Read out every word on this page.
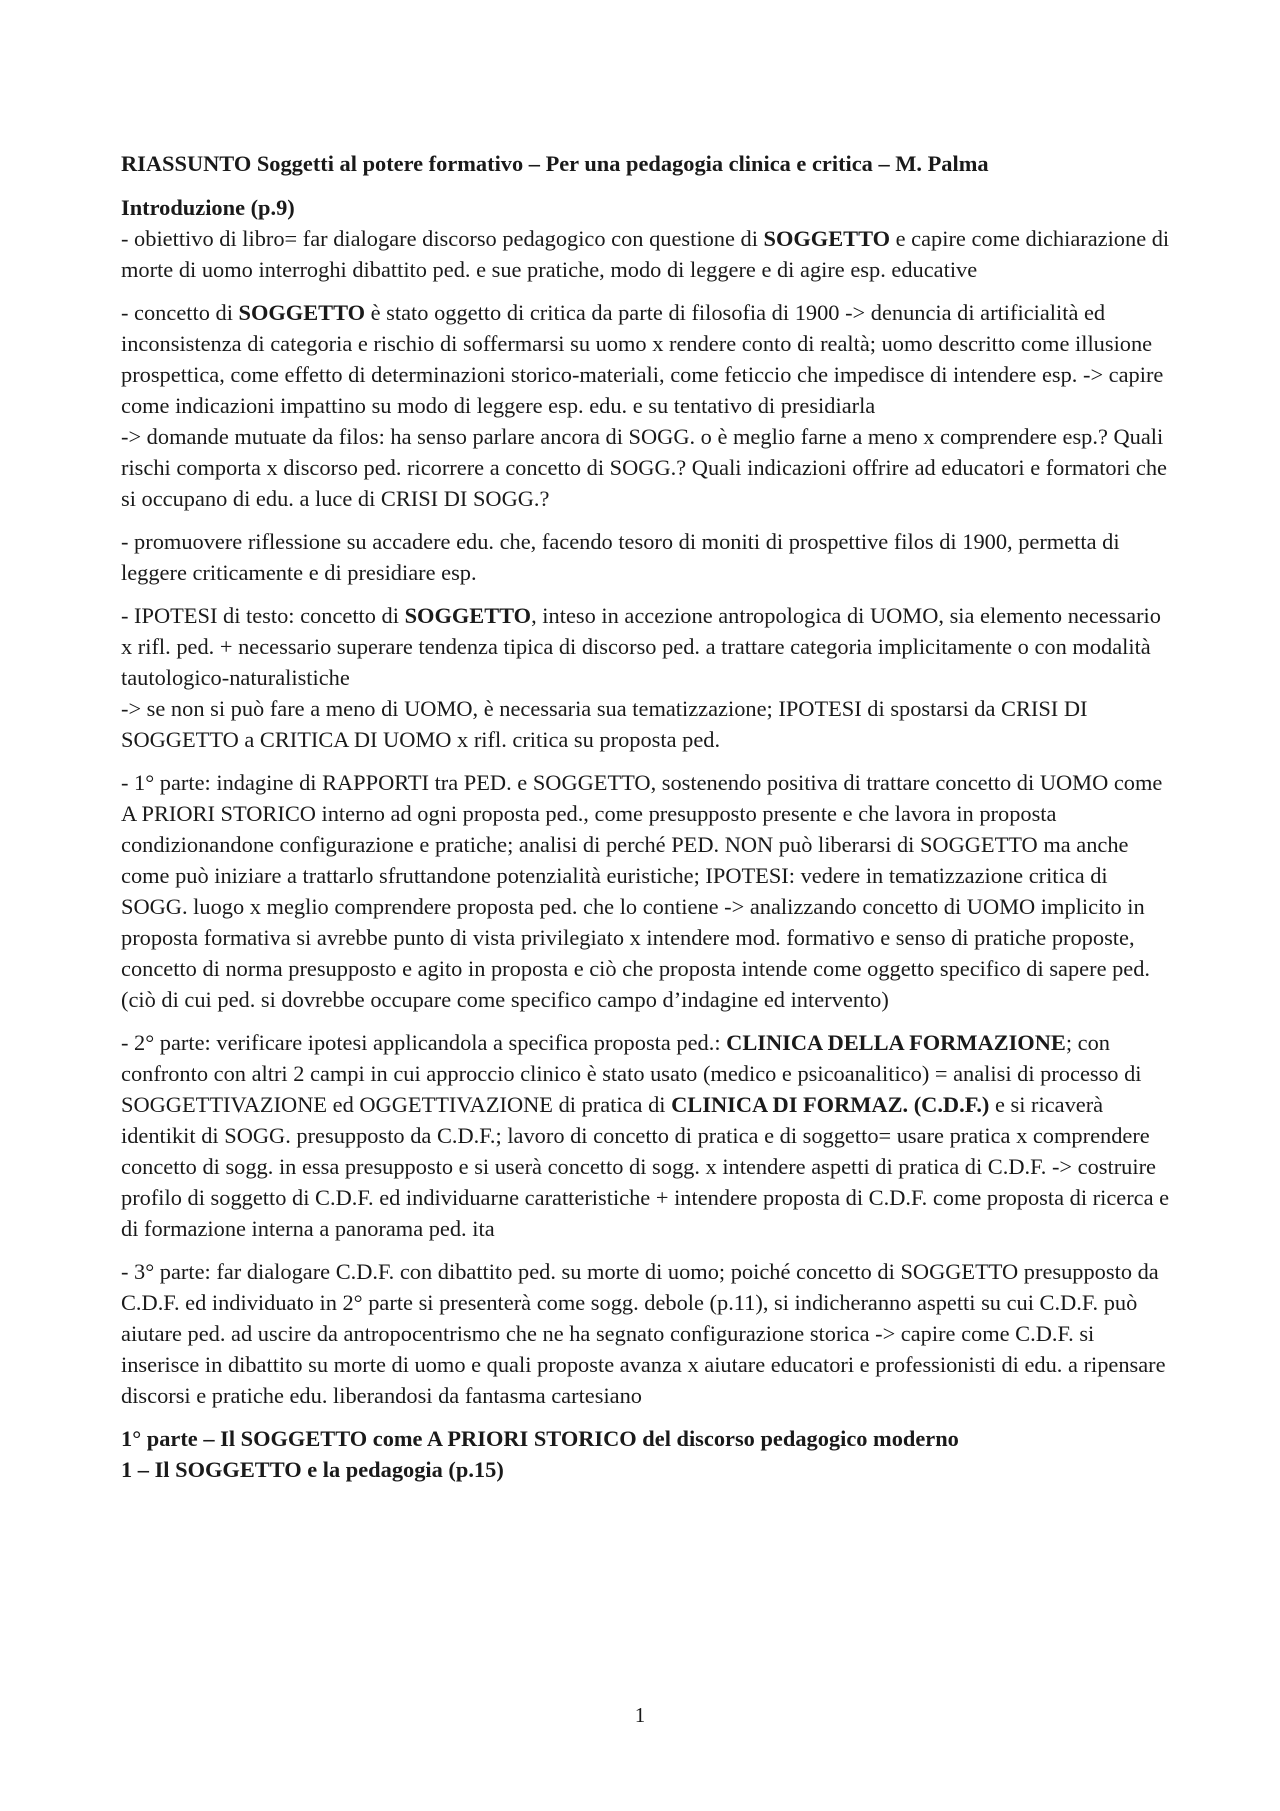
RIASSUNTO Soggetti al potere formativo – Per una pedagogia clinica e critica – M. Palma
Introduzione (p.9)

- obiettivo di libro= far dialogare discorso pedagogico con questione di SOGGETTO e capire come dichiarazione di morte di uomo interroghi dibattito ped. e sue pratiche, modo di leggere e di agire esp. educative

- concetto di SOGGETTO è stato oggetto di critica da parte di filosofia di 1900 -> denuncia di artificialità ed inconsistenza di categoria e rischio di soffermarsi su uomo x rendere conto di realtà; uomo descritto come illusione prospettica, come effetto di determinazioni storico-materiali, come feticcio che impedisce di intendere esp. -> capire come indicazioni impattino su modo di leggere esp. edu. e su tentativo di presidiarla

-> domande mutuate da filos: ha senso parlare ancora di SOGG. o è meglio farne a meno x comprendere esp.? Quali rischi comporta x discorso ped. ricorrere a concetto di SOGG.? Quali indicazioni offrire ad educatori e formatori che si occupano di edu. a luce di CRISI DI SOGG.?

- promuovere riflessione su accadere edu. che, facendo tesoro di moniti di prospettive filos di 1900, permetta di leggere criticamente e di presidiare esp.

- IPOTESI di testo: concetto di SOGGETTO, inteso in accezione antropologica di UOMO, sia elemento necessario x rifl. ped. + necessario superare tendenza tipica di discorso ped. a trattare categoria implicitamente o con modalità tautologico-naturalistiche

-> se non si può fare a meno di UOMO, è necessaria sua tematizzazione; IPOTESI di spostarsi da CRISI DI SOGGETTO a CRITICA DI UOMO x rifl. critica su proposta ped.

- 1° parte: indagine di RAPPORTI tra PED. e SOGGETTO, sostenendo positiva di trattare concetto di UOMO come A PRIORI STORICO interno ad ogni proposta ped., come presupposto presente e che lavora in proposta condizionandone configurazione e pratiche; analisi di perché PED. NON può liberarsi di SOGGETTO ma anche come può iniziare a trattarlo sfruttandone potenzialità euristiche; IPOTESI: vedere in tematizzazione critica di SOGG. luogo x meglio comprendere proposta ped. che lo contiene -> analizzando concetto di UOMO implicito in proposta formativa si avrebbe punto di vista privilegiato x intendere mod. formativo e senso di pratiche proposte, concetto di norma presupposto e agito in proposta e ciò che proposta intende come oggetto specifico di sapere ped. (ciò di cui ped. si dovrebbe occupare come specifico campo d’indagine ed intervento)

- 2° parte: verificare ipotesi applicandola a specifica proposta ped.: CLINICA DELLA FORMAZIONE; con confronto con altri 2 campi in cui approccio clinico è stato usato (medico e psicoanalitico) = analisi di processo di SOGGETTIVAZIONE ed OGGETTIVAZIONE di pratica di CLINICA DI FORMAZ. (C.D.F.) e si ricaverà identikit di SOGG. presupposto da C.D.F.; lavoro di concetto di pratica e di soggetto= usare pratica x comprendere concetto di sogg. in essa presupposto e si userà concetto di sogg. x intendere aspetti di pratica di C.D.F. -> costruire profilo di soggetto di C.D.F. ed individuarne caratteristiche + intendere proposta di C.D.F. come proposta di ricerca e di formazione interna a panorama ped. ita

- 3° parte: far dialogare C.D.F. con dibattito ped. su morte di uomo; poiché concetto di SOGGETTO presupposto da C.D.F. ed individuato in 2° parte si presenterà come sogg. debole (p.11), si indicheranno aspetti su cui C.D.F. può aiutare ped. ad uscire da antropocentrismo che ne ha segnato configurazione storica -> capire come C.D.F. si inserisce in dibattito su morte di uomo e quali proposte avanza x aiutare educatori e professionisti di edu. a ripensare discorsi e pratiche edu. liberandosi da fantasma cartesiano

1° parte – Il SOGGETTO come A PRIORI STORICO del discorso pedagogico moderno
1 – Il SOGGETTO e la pedagogia (p.15)
1
